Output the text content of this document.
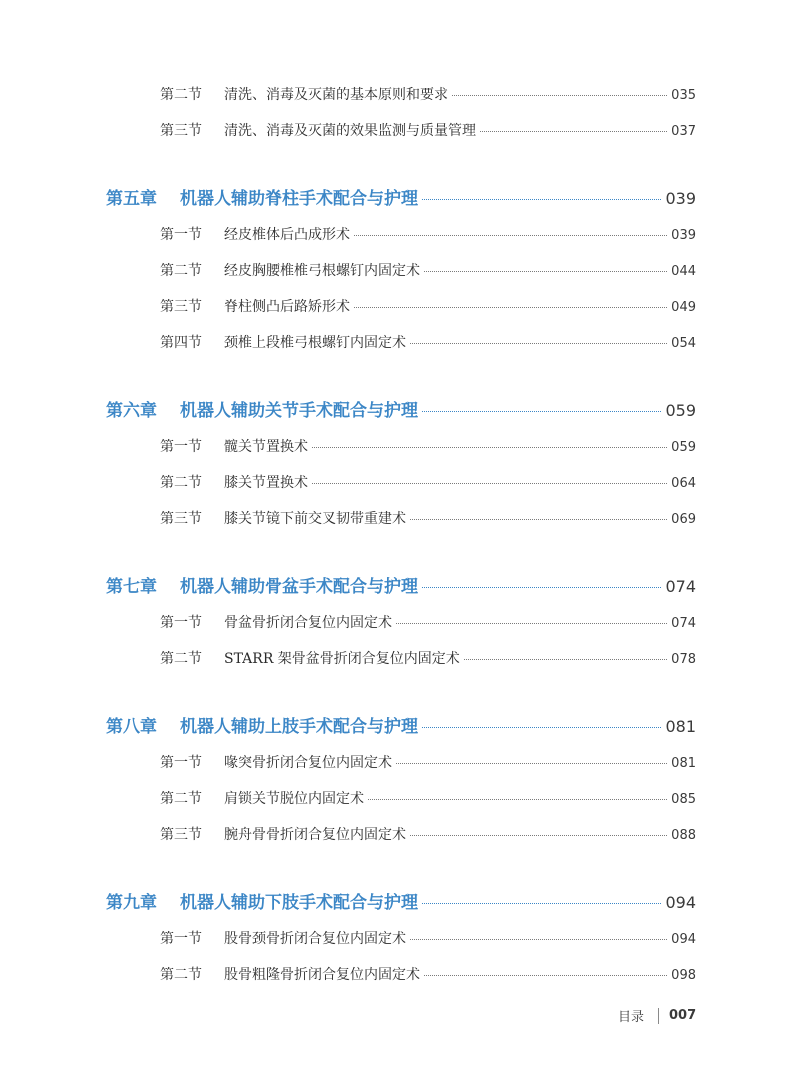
第二节	清洗、消毒及灭菌的基本原则和要求	035
第三节	清洗、消毒及灭菌的效果监测与质量管理	037
第五章	机器人辅助脊柱手术配合与护理	039
第一节	经皮椎体后凸成形术	039
第二节	经皮胸腰椎椎弓根螺钉内固定术	044
第三节	脊柱侧凸后路矫形术	049
第四节	颈椎上段椎弓根螺钉内固定术	054
第六章	机器人辅助关节手术配合与护理	059
第一节	髋关节置换术	059
第二节	膝关节置换术	064
第三节	膝关节镜下前交叉韧带重建术	069
第七章	机器人辅助骨盆手术配合与护理	074
第一节	骨盆骨折闭合复位内固定术	074
第二节	STARR 架骨盆骨折闭合复位内固定术	078
第八章	机器人辅助上肢手术配合与护理	081
第一节	喙突骨折闭合复位内固定术	081
第二节	肩锁关节脱位内固定术	085
第三节	腕舟骨骨折闭合复位内固定术	088
第九章	机器人辅助下肢手术配合与护理	094
第一节	股骨颈骨折闭合复位内固定术	094
第二节	股骨粗隆骨折闭合复位内固定术	098
目录 007
